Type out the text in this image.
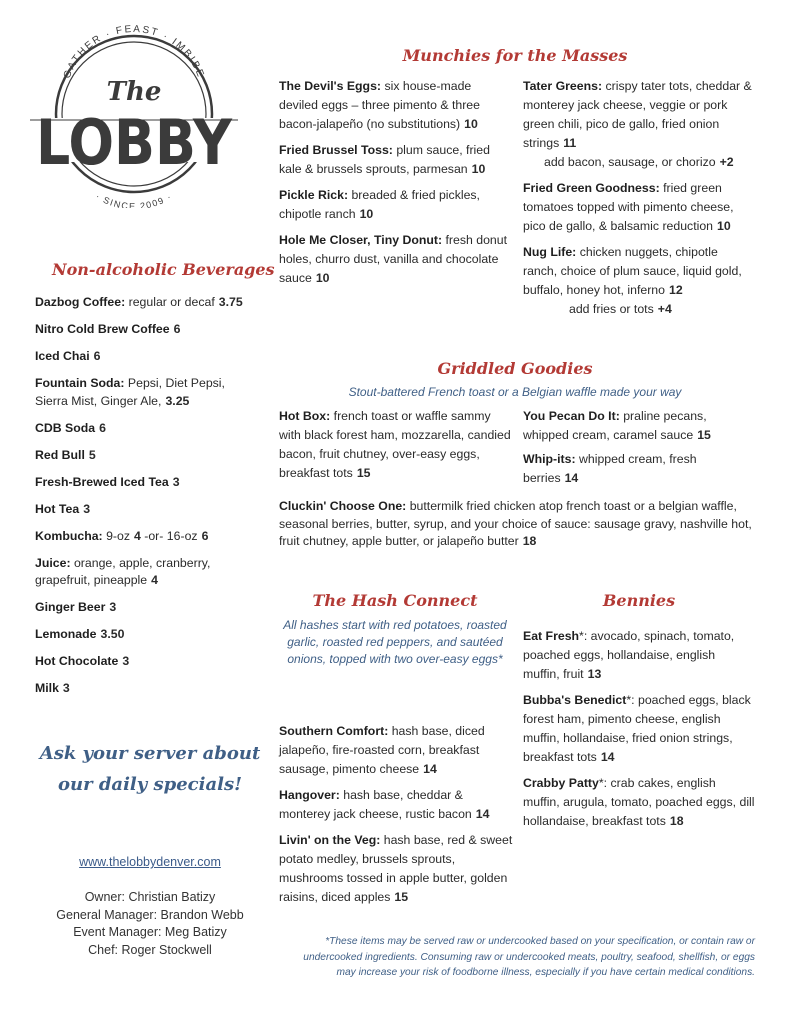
GATHER · FEAST · IMBIBE
· SINCE 2009 ·
The
LOBBY
Non-alcoholic Beverages
Dazbog Coffee: regular or decaf 3.75
Nitro Cold Brew Coffee 6
Iced Chai 6
Fountain Soda: Pepsi, Diet Pepsi, Sierra Mist, Ginger Ale, 3.25
CDB Soda 6
Red Bull 5
Fresh-Brewed Iced Tea 3
Hot Tea 3
Kombucha: 9-oz 4 -or- 16-oz 6
Juice: orange, apple, cranberry, grapefruit, pineapple 4
Ginger Beer 3
Lemonade 3.50
Hot Chocolate 3
Milk 3
Ask your server about
our daily specials!
www.thelobbydenver.com
Owner: Christian Batizy
General Manager: Brandon Webb
Event Manager: Meg Batizy
Chef: Roger Stockwell
Munchies for the Masses
The Devil's Eggs: six house-made deviled eggs – three pimento & three bacon-jalapeño (no substitutions) 10
Fried Brussel Toss: plum sauce, fried kale & brussels sprouts, parmesan 10
Pickle Rick: breaded & fried pickles, chipotle ranch 10
Hole Me Closer, Tiny Donut: fresh donut holes, churro dust, vanilla and chocolate sauce 10
Tater Greens: crispy tater tots, cheddar & monterey jack cheese, veggie or pork green chili, pico de gallo, fried onion strings 11
add bacon, sausage, or chorizo +2
Fried Green Goodness: fried green tomatoes topped with pimento cheese, pico de gallo, & balsamic reduction 10
Nug Life: chicken nuggets, chipotle ranch, choice of plum sauce, liquid gold, buffalo, honey hot, inferno 12
add fries or tots +4
Griddled Goodies
Stout-battered French toast or a Belgian waffle made your way
Hot Box: french toast or waffle sammy with black forest ham, mozzarella, candied bacon, fruit chutney, over-easy eggs, breakfast tots 15
You Pecan Do It: praline pecans, whipped cream, caramel sauce 15
Whip-its: whipped cream, fresh berries 14
Cluckin' Choose One: buttermilk fried chicken atop french toast or a belgian waffle, seasonal berries, butter, syrup, and your choice of sauce: sausage gravy, nashville hot, fruit chutney, apple butter, or jalapeño butter 18
The Hash Connect
All hashes start with red potatoes, roasted garlic, roasted red peppers, and sautéed onions, topped with two over-easy eggs*
Southern Comfort: hash base, diced jalapeño, fire-roasted corn, breakfast sausage, pimento cheese 14
Hangover: hash base, cheddar & monterey jack cheese, rustic bacon 14
Livin' on the Veg: hash base, red & sweet potato medley, brussels sprouts, mushrooms tossed in apple butter, golden raisins, diced apples 15
Bennies
Eat Fresh*: avocado, spinach, tomato, poached eggs, hollandaise, english muffin, fruit 13
Bubba's Benedict*: poached eggs, black forest ham, pimento cheese, english muffin, hollandaise, fried onion strings, breakfast tots 14
Crabby Patty*: crab cakes, english muffin, arugula, tomato, poached eggs, dill hollandaise, breakfast tots 18
*These items may be served raw or undercooked based on your specification, or contain raw or
undercooked ingredients. Consuming raw or undercooked meats, poultry, seafood, shellfish, or eggs
may increase your risk of foodborne illness, especially if you have certain medical conditions.
